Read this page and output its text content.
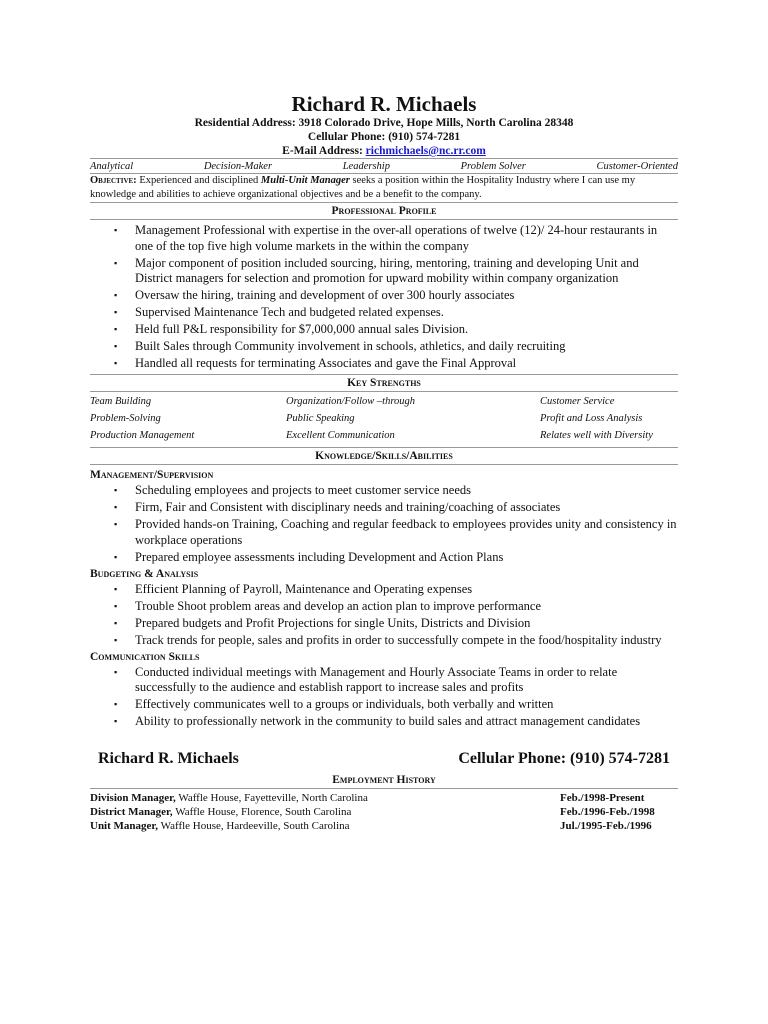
Richard R. Michaels
Residential Address: 3918 Colorado Drive, Hope Mills, North Carolina 28348
Cellular Phone: (910) 574-7281
E-Mail Address: richmichaels@nc.rr.com
Analytical	Decision-Maker	Leadership	Problem Solver	Customer-Oriented
Objective: Experienced and disciplined Multi-Unit Manager seeks a position within the Hospitality Industry where I can use my knowledge and abilities to achieve organizational objectives and be a benefit to the company.
Professional Profile
▪ Management Professional with expertise in the over-all operations of twelve (12)/ 24-hour restaurants in one of the top five high volume markets in the within the company
▪ Major component of position included sourcing, hiring, mentoring, training and developing Unit and District managers for selection and promotion for upward mobility within company organization
▪ Oversaw the hiring, training and development of over 300 hourly associates
▪ Supervised Maintenance Tech and budgeted related expenses.
▪ Held full P&L responsibility for $7,000,000 annual sales Division.
▪ Built Sales through Community involvement in schools, athletics, and daily recruiting
▪ Handled all requests for terminating Associates and gave the Final Approval
Key Strengths
Team Building	Organization/Follow –through	Customer Service
Problem-Solving	Public Speaking	Profit and Loss Analysis
Production Management	Excellent Communication	Relates well with Diversity
Knowledge/Skills/Abilities
Management/Supervision
▪ Scheduling employees and projects to meet customer service needs
▪ Firm, Fair and Consistent with disciplinary needs and training/coaching of associates
▪ Provided hands-on Training, Coaching and regular feedback to employees provides unity and consistency in workplace operations
▪ Prepared employee assessments including Development and Action Plans
Budgeting & Analysis
▪ Efficient Planning of Payroll, Maintenance and Operating expenses
▪ Trouble Shoot problem areas and develop an action plan to improve performance
▪ Prepared budgets and Profit Projections for single Units, Districts and Division
▪ Track trends for people, sales and profits in order to successfully compete in the food/hospitality industry
Communication Skills
▪ Conducted individual meetings with Management and Hourly Associate Teams in order to relate successfully to the audience and establish rapport to increase sales and profits
▪ Effectively communicates well to a groups or individuals, both verbally and written
▪ Ability to professionally network in the community to build sales and attract management candidates
Richard R. Michaels	Cellular Phone: (910) 574-7281
Employment History
Division Manager, Waffle House, Fayetteville, North Carolina	Feb./1998-Present
District Manager, Waffle House, Florence, South Carolina	Feb./1996-Feb./1998
Unit Manager, Waffle House, Hardeeville, South Carolina	Jul./1995-Feb./1996
